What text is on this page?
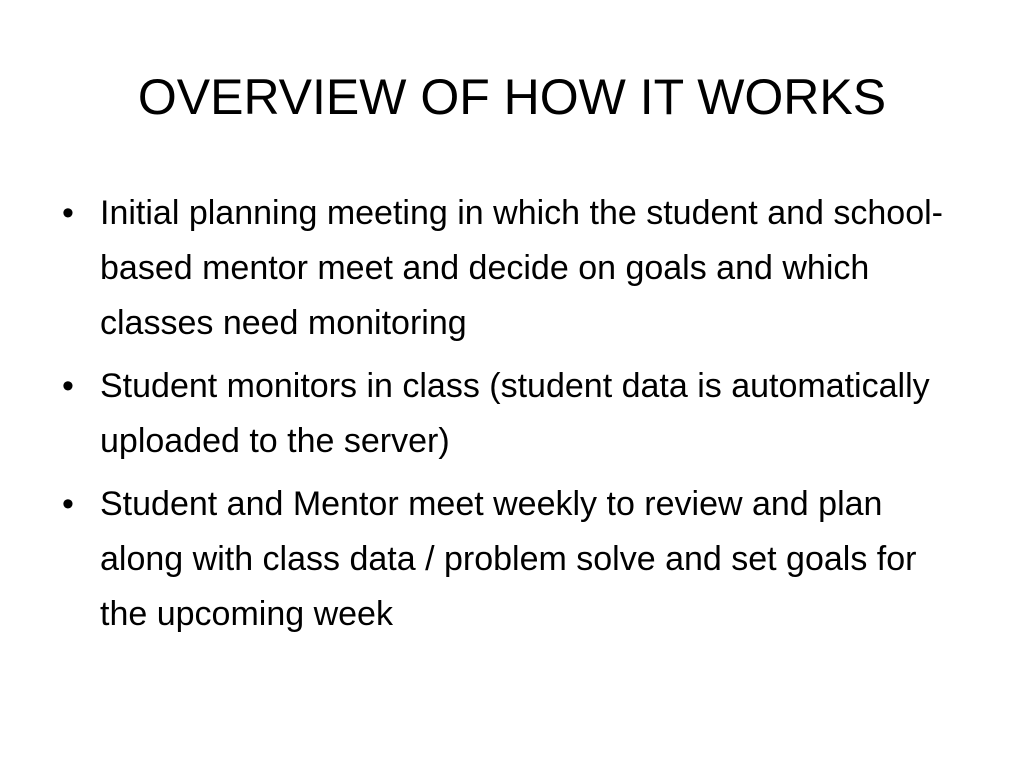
OVERVIEW OF HOW IT WORKS
• Initial planning meeting in which the student and school-based mentor meet and decide on goals and which classes need monitoring
• Student monitors in class (student data is automatically uploaded to the server)
• Student and Mentor meet weekly to review and plan along with class data / problem solve and set goals for the upcoming week
